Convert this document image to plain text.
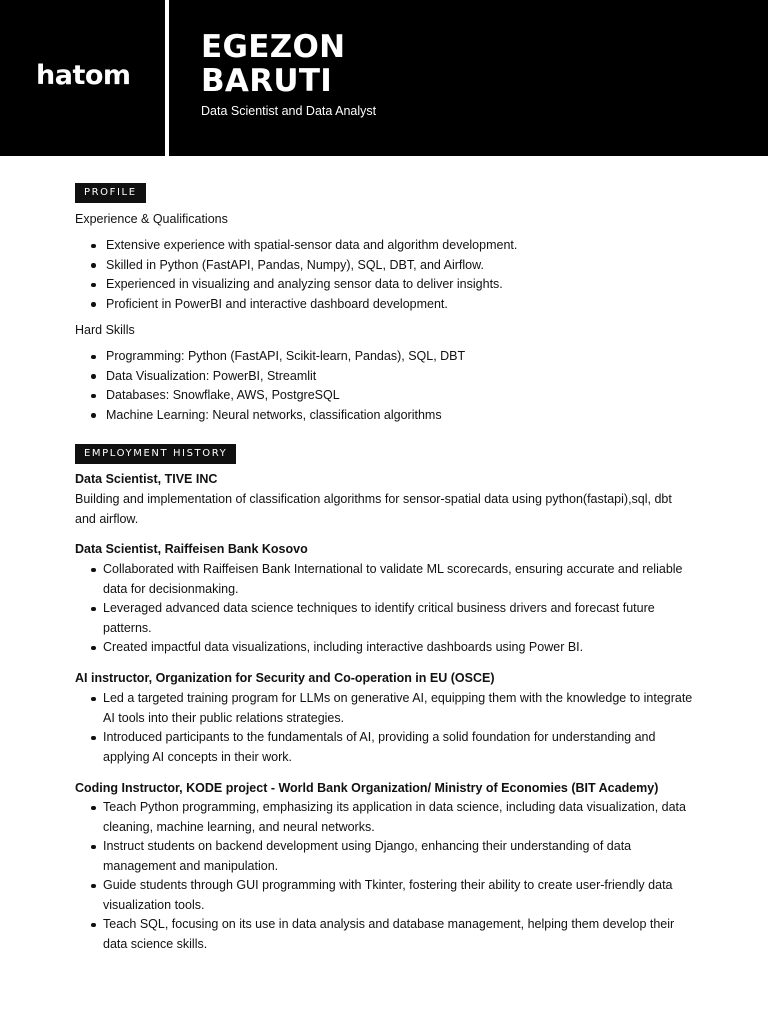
hatom
EGEZON
BARUTI
Data Scientist and Data Analyst
PROFILE
Experience & Qualifications
Extensive experience with spatial-sensor data and algorithm development.
Skilled in Python (FastAPI, Pandas, Numpy), SQL, DBT, and Airflow.
Experienced in visualizing and analyzing sensor data to deliver insights.
Proficient in PowerBI and interactive dashboard development.
Hard Skills
Programming: Python (FastAPI, Scikit-learn, Pandas), SQL, DBT
Data Visualization: PowerBI, Streamlit
Databases: Snowflake, AWS, PostgreSQL
Machine Learning: Neural networks, classification algorithms
EMPLOYMENT HISTORY
Data Scientist, TIVE INC

Building and implementation of classification algorithms for sensor-spatial data using python(fastapi),sql, dbt and airflow.

Data Scientist, Raiffeisen Bank Kosovo
Collaborated with Raiffeisen Bank International to validate ML scorecards, ensuring accurate and reliable data for decisionmaking.
Leveraged advanced data science techniques to identify critical business drivers and forecast future patterns.
Created impactful data visualizations, including interactive dashboards using Power BI.
AI instructor, Organization for Security and Co-operation in EU (OSCE)
Led a targeted training program for LLMs on generative AI, equipping them with the knowledge to integrate AI tools into their public relations strategies.
Introduced participants to the fundamentals of AI, providing a solid foundation for understanding and applying AI concepts in their work.
Coding Instructor, KODE project - World Bank Organization/ Ministry of Economies (BIT Academy)
Teach Python programming, emphasizing its application in data science, including data visualization, data cleaning, machine learning, and neural networks.
Instruct students on backend development using Django, enhancing their understanding of data management and manipulation.
Guide students through GUI programming with Tkinter, fostering their ability to create user-friendly data visualization tools.
Teach SQL, focusing on its use in data analysis and database management, helping them develop their data science skills.
